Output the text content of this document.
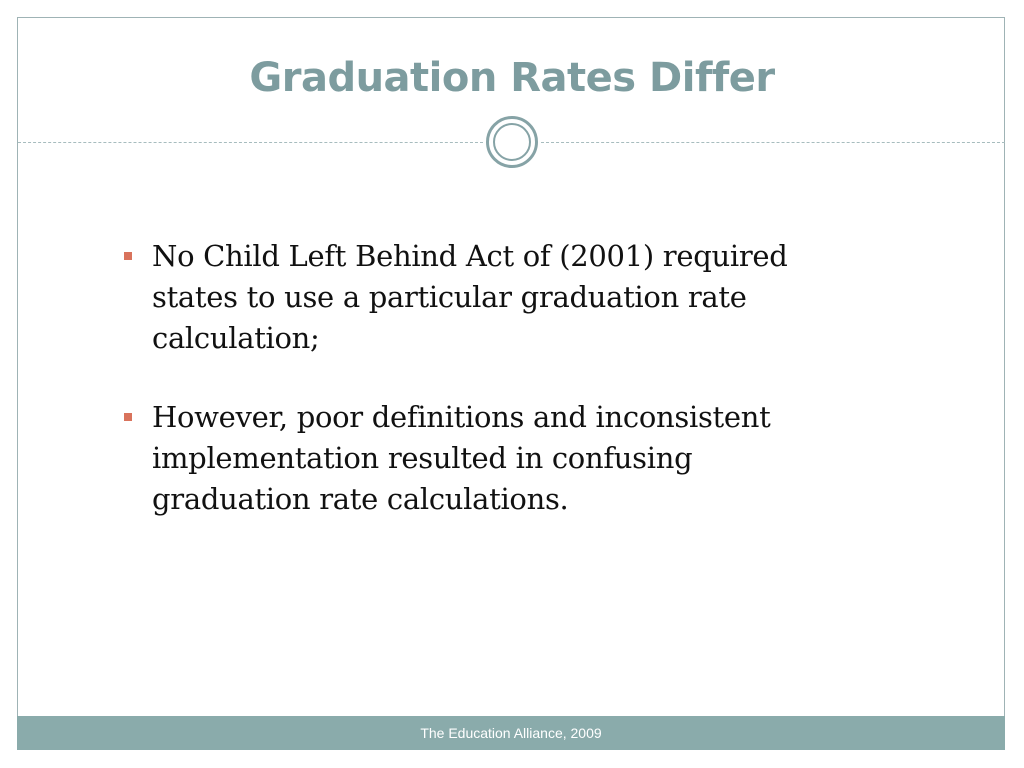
Graduation Rates Differ
No Child Left Behind Act of (2001) required states to use a particular graduation rate calculation;
However, poor definitions and inconsistent implementation resulted in confusing graduation rate calculations.
The Education Alliance, 2009
